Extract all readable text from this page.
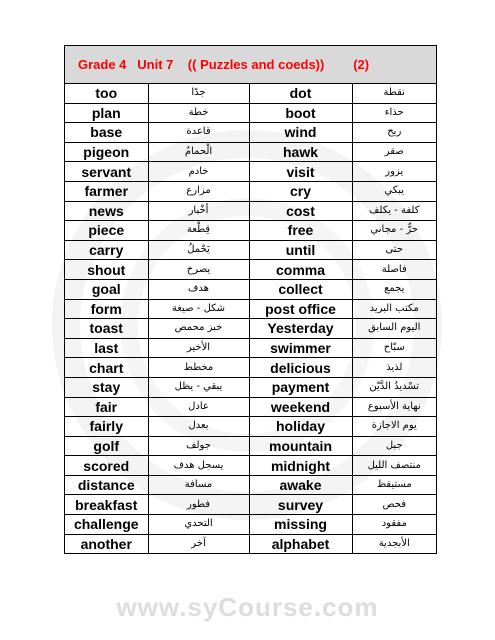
Grade 4   Unit 7    (( Puzzles and coeds))        (2)
too	جدًا	dot	نقطة
plan	خطة	boot	حذاء
base	قاعدة	wind	ريح
pigeon	الْحمامُ	hawk	صقر
servant	خادم	visit	يزور
farmer	مزارع	cry	يبكي
news	أخْبار	cost	كلفة - يكلف
piece	قِطْعة	free	حرٌّ - مجاني
carry	يَحْملُ	until	حتى
shout	يصرخ	comma	فاصلة
goal	هدف	collect	يجمع
form	شكل - صيغة	post office	مكتب البريد
toast	خبز محمص	Yesterday	اليوم السابق
last	الأخير	swimmer	سبّاح
chart	مخطط	delicious	لذيذ
stay	يبقي - يظل	payment	تسْديدُ الدَّيْن
fair	عادل	weekend	نهاية الأسبوع
fairly	بعدل	holiday	يوم الاجازة
golf	جولف	mountain	جبل
scored	يسجل هدف	midnight	منتصف الليل
distance	مسافة	awake	مستيقظ
breakfast	فطور	survey	فحص
challenge	التحدي	missing	مفقود
another	آخر	alphabet	الأبجدية
www.syCourse.com
